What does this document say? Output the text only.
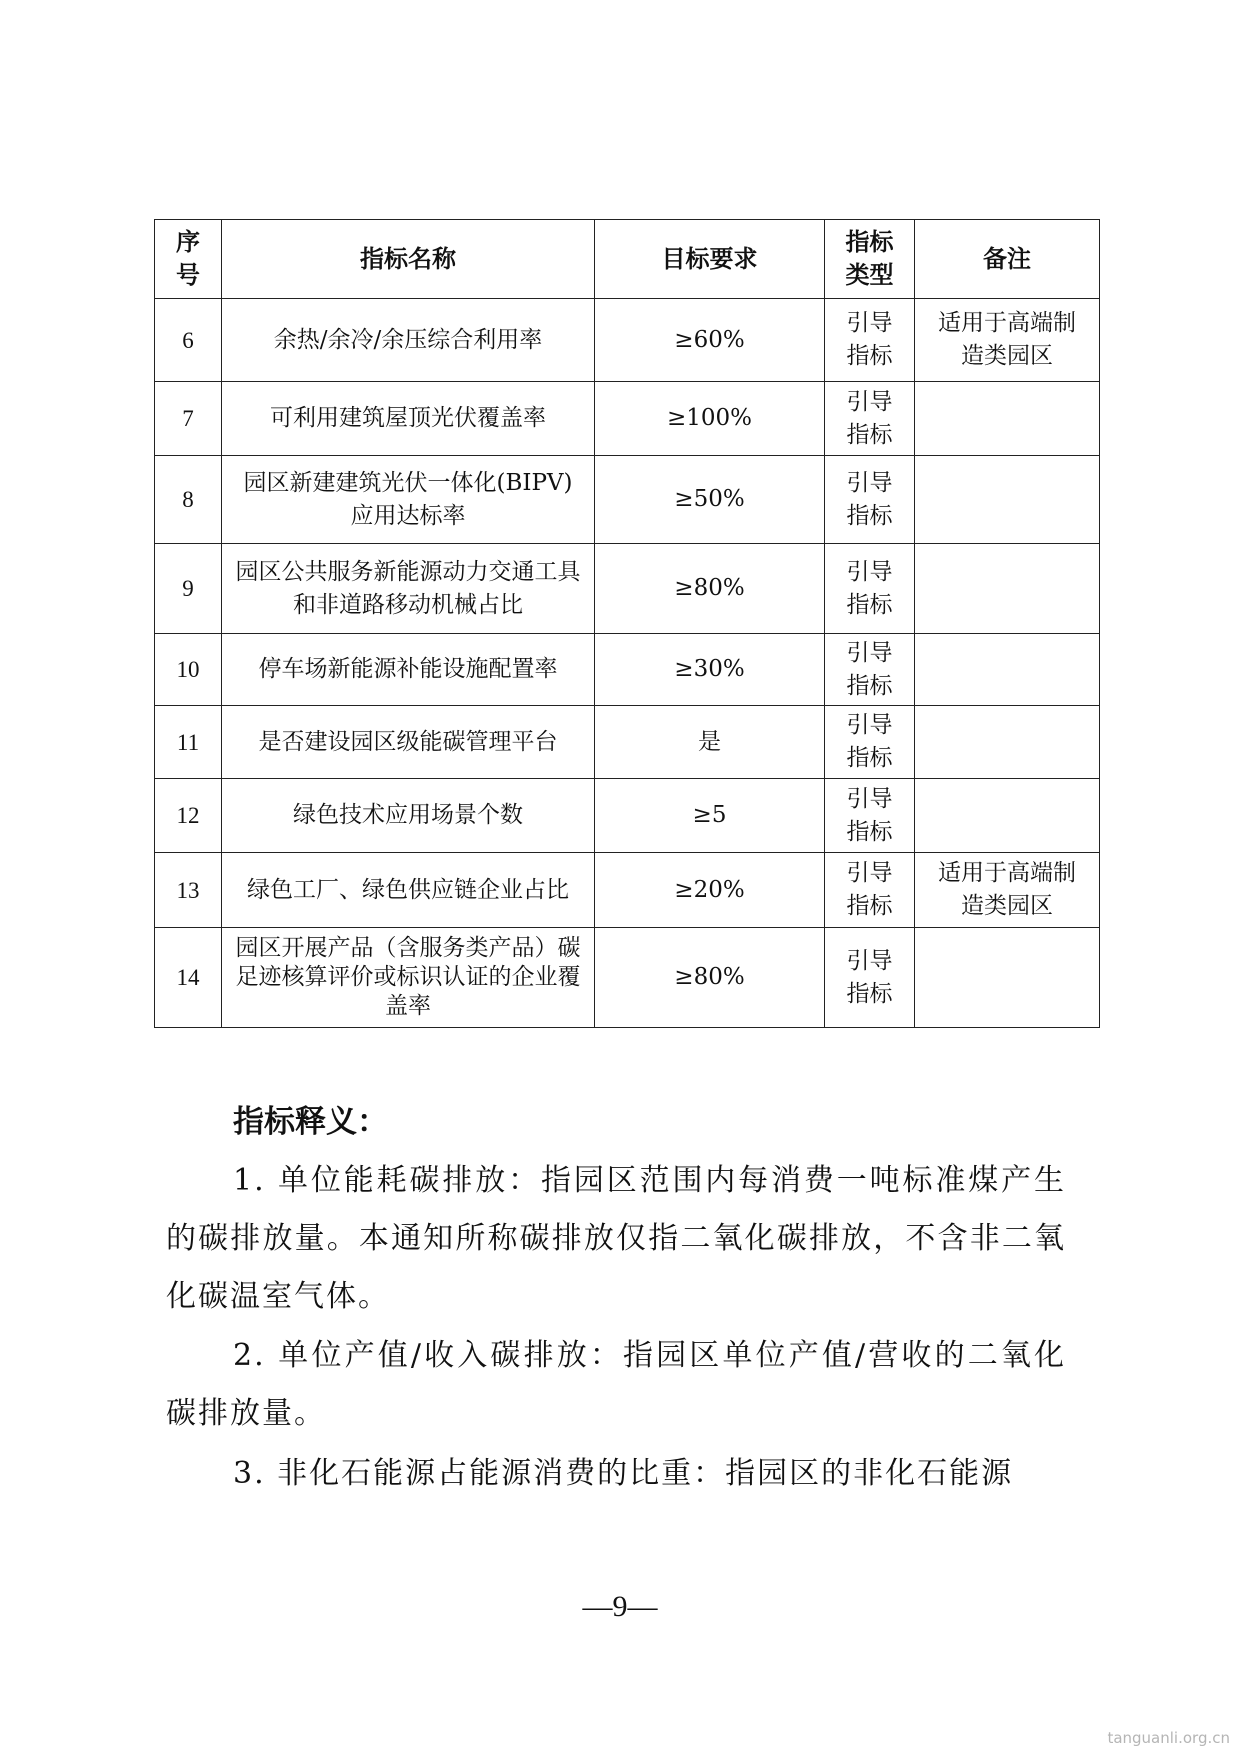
序号	指标名称	目标要求	指标类型	备注
6	余热/余冷/余压综合利用率	≥60%	引导指标	适用于高端制造类园区
7	可利用建筑屋顶光伏覆盖率	≥100%	引导指标	
8	园区新建建筑光伏一体化(BIPV)应用达标率	≥50%	引导指标	
9	园区公共服务新能源动力交通工具和非道路移动机械占比	≥80%	引导指标	
10	停车场新能源补能设施配置率	≥30%	引导指标	
11	是否建设园区级能碳管理平台	是	引导指标	
12	绿色技术应用场景个数	≥5	引导指标	
13	绿色工厂、绿色供应链企业占比	≥20%	引导指标	适用于高端制造类园区
14	园区开展产品（含服务类产品）碳足迹核算评价或标识认证的企业覆盖率	≥80%	引导指标	
指标释义：

1. 单位能耗碳排放：指园区范围内每消费一吨标准煤产生的碳排放量。本通知所称碳排放仅指二氧化碳排放，不含非二氧化碳温室气体。

2. 单位产值/收入碳排放：指园区单位产值/营收的二氧化碳排放量。

3. 非化石能源占能源消费的比重：指园区的非化石能源

—9—
tanguanli.org.cn
